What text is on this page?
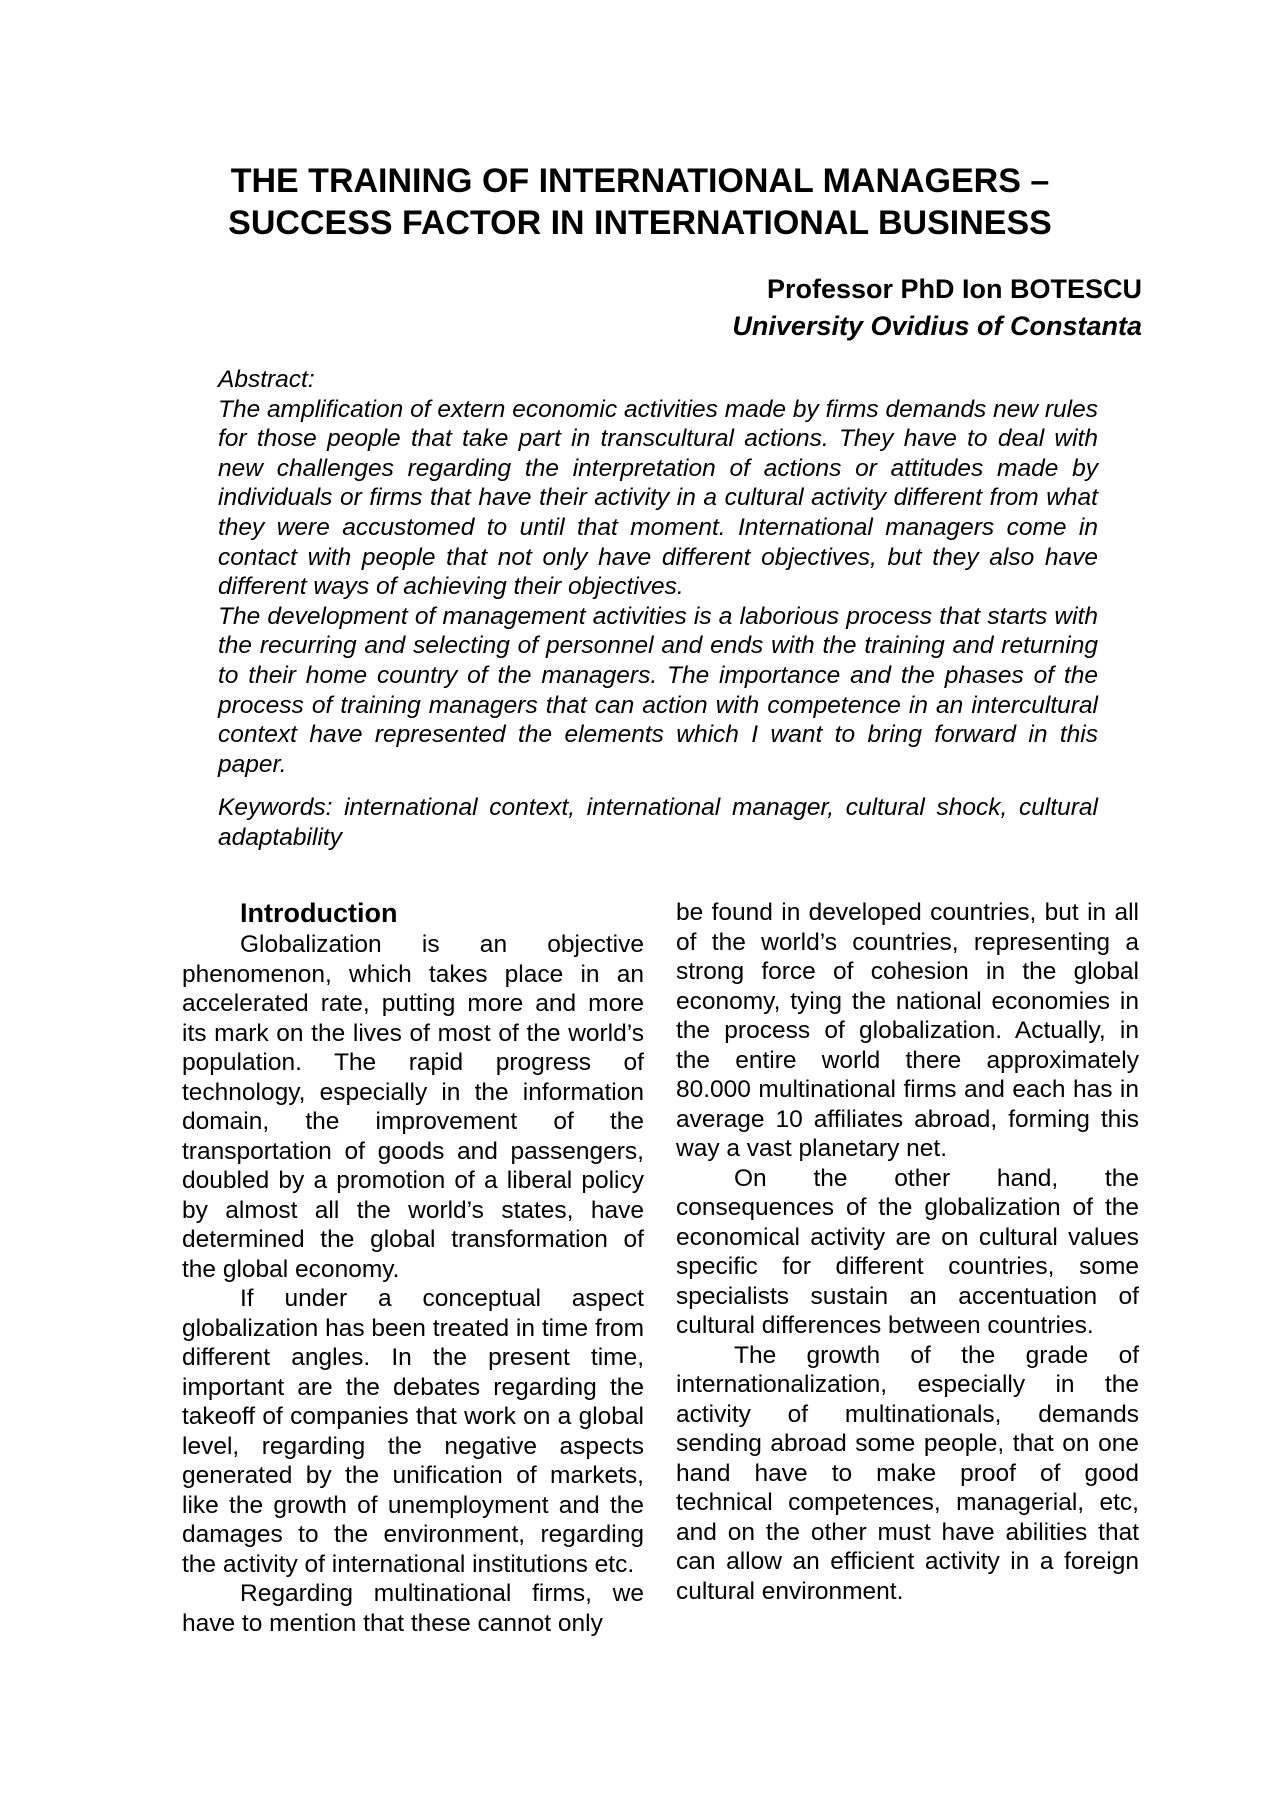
THE TRAINING OF INTERNATIONAL MANAGERS –
SUCCESS FACTOR IN INTERNATIONAL BUSINESS
Professor PhD Ion BOTESCU
University Ovidius of Constanta

Abstract:

The amplification of extern economic activities made by firms demands new rules for those people that take part in transcultural actions. They have to deal with new challenges regarding the interpretation of actions or attitudes made by individuals or firms that have their activity in a cultural activity different from what they were accustomed to until that moment. International managers come in contact with people that not only have different objectives, but they also have different ways of achieving their objectives.

The development of management activities is a laborious process that starts with the recurring and selecting of personnel and ends with the training and returning to their home country of the managers. The importance and the phases of the process of training managers that can action with competence in an intercultural context have represented the elements which I want to bring forward in this paper.

Keywords: international context, international manager, cultural shock, cultural adaptability

Introduction

Globalization is an objective phenomenon, which takes place in an accelerated rate, putting more and more its mark on the lives of most of the world’s population. The rapid progress of technology, especially in the information domain, the improvement of the transportation of goods and passengers, doubled by a promotion of a liberal policy by almost all the world’s states, have determined the global transformation of the global economy.

If under a conceptual aspect globalization has been treated in time from different angles. In the present time, important are the debates regarding the takeoff of companies that work on a global level, regarding the negative aspects generated by the unification of markets, like the growth of unemployment and the damages to the environment, regarding the activity of international institutions etc.

Regarding multinational firms, we have to mention that these cannot only

be found in developed countries, but in all of the world’s countries, representing a strong force of cohesion in the global economy, tying the national economies in the process of globalization. Actually, in the entire world there approximately 80.000 multinational firms and each has in average 10 affiliates abroad, forming this way a vast planetary net.

On the other hand, the consequences of the globalization of the economical activity are on cultural values specific for different countries, some specialists sustain an accentuation of cultural differences between countries.

The growth of the grade of internationalization, especially in the activity of multinationals, demands sending abroad some people, that on one hand have to make proof of good technical competences, managerial, etc, and on the other must have abilities that can allow an efficient activity in a foreign cultural environment.
